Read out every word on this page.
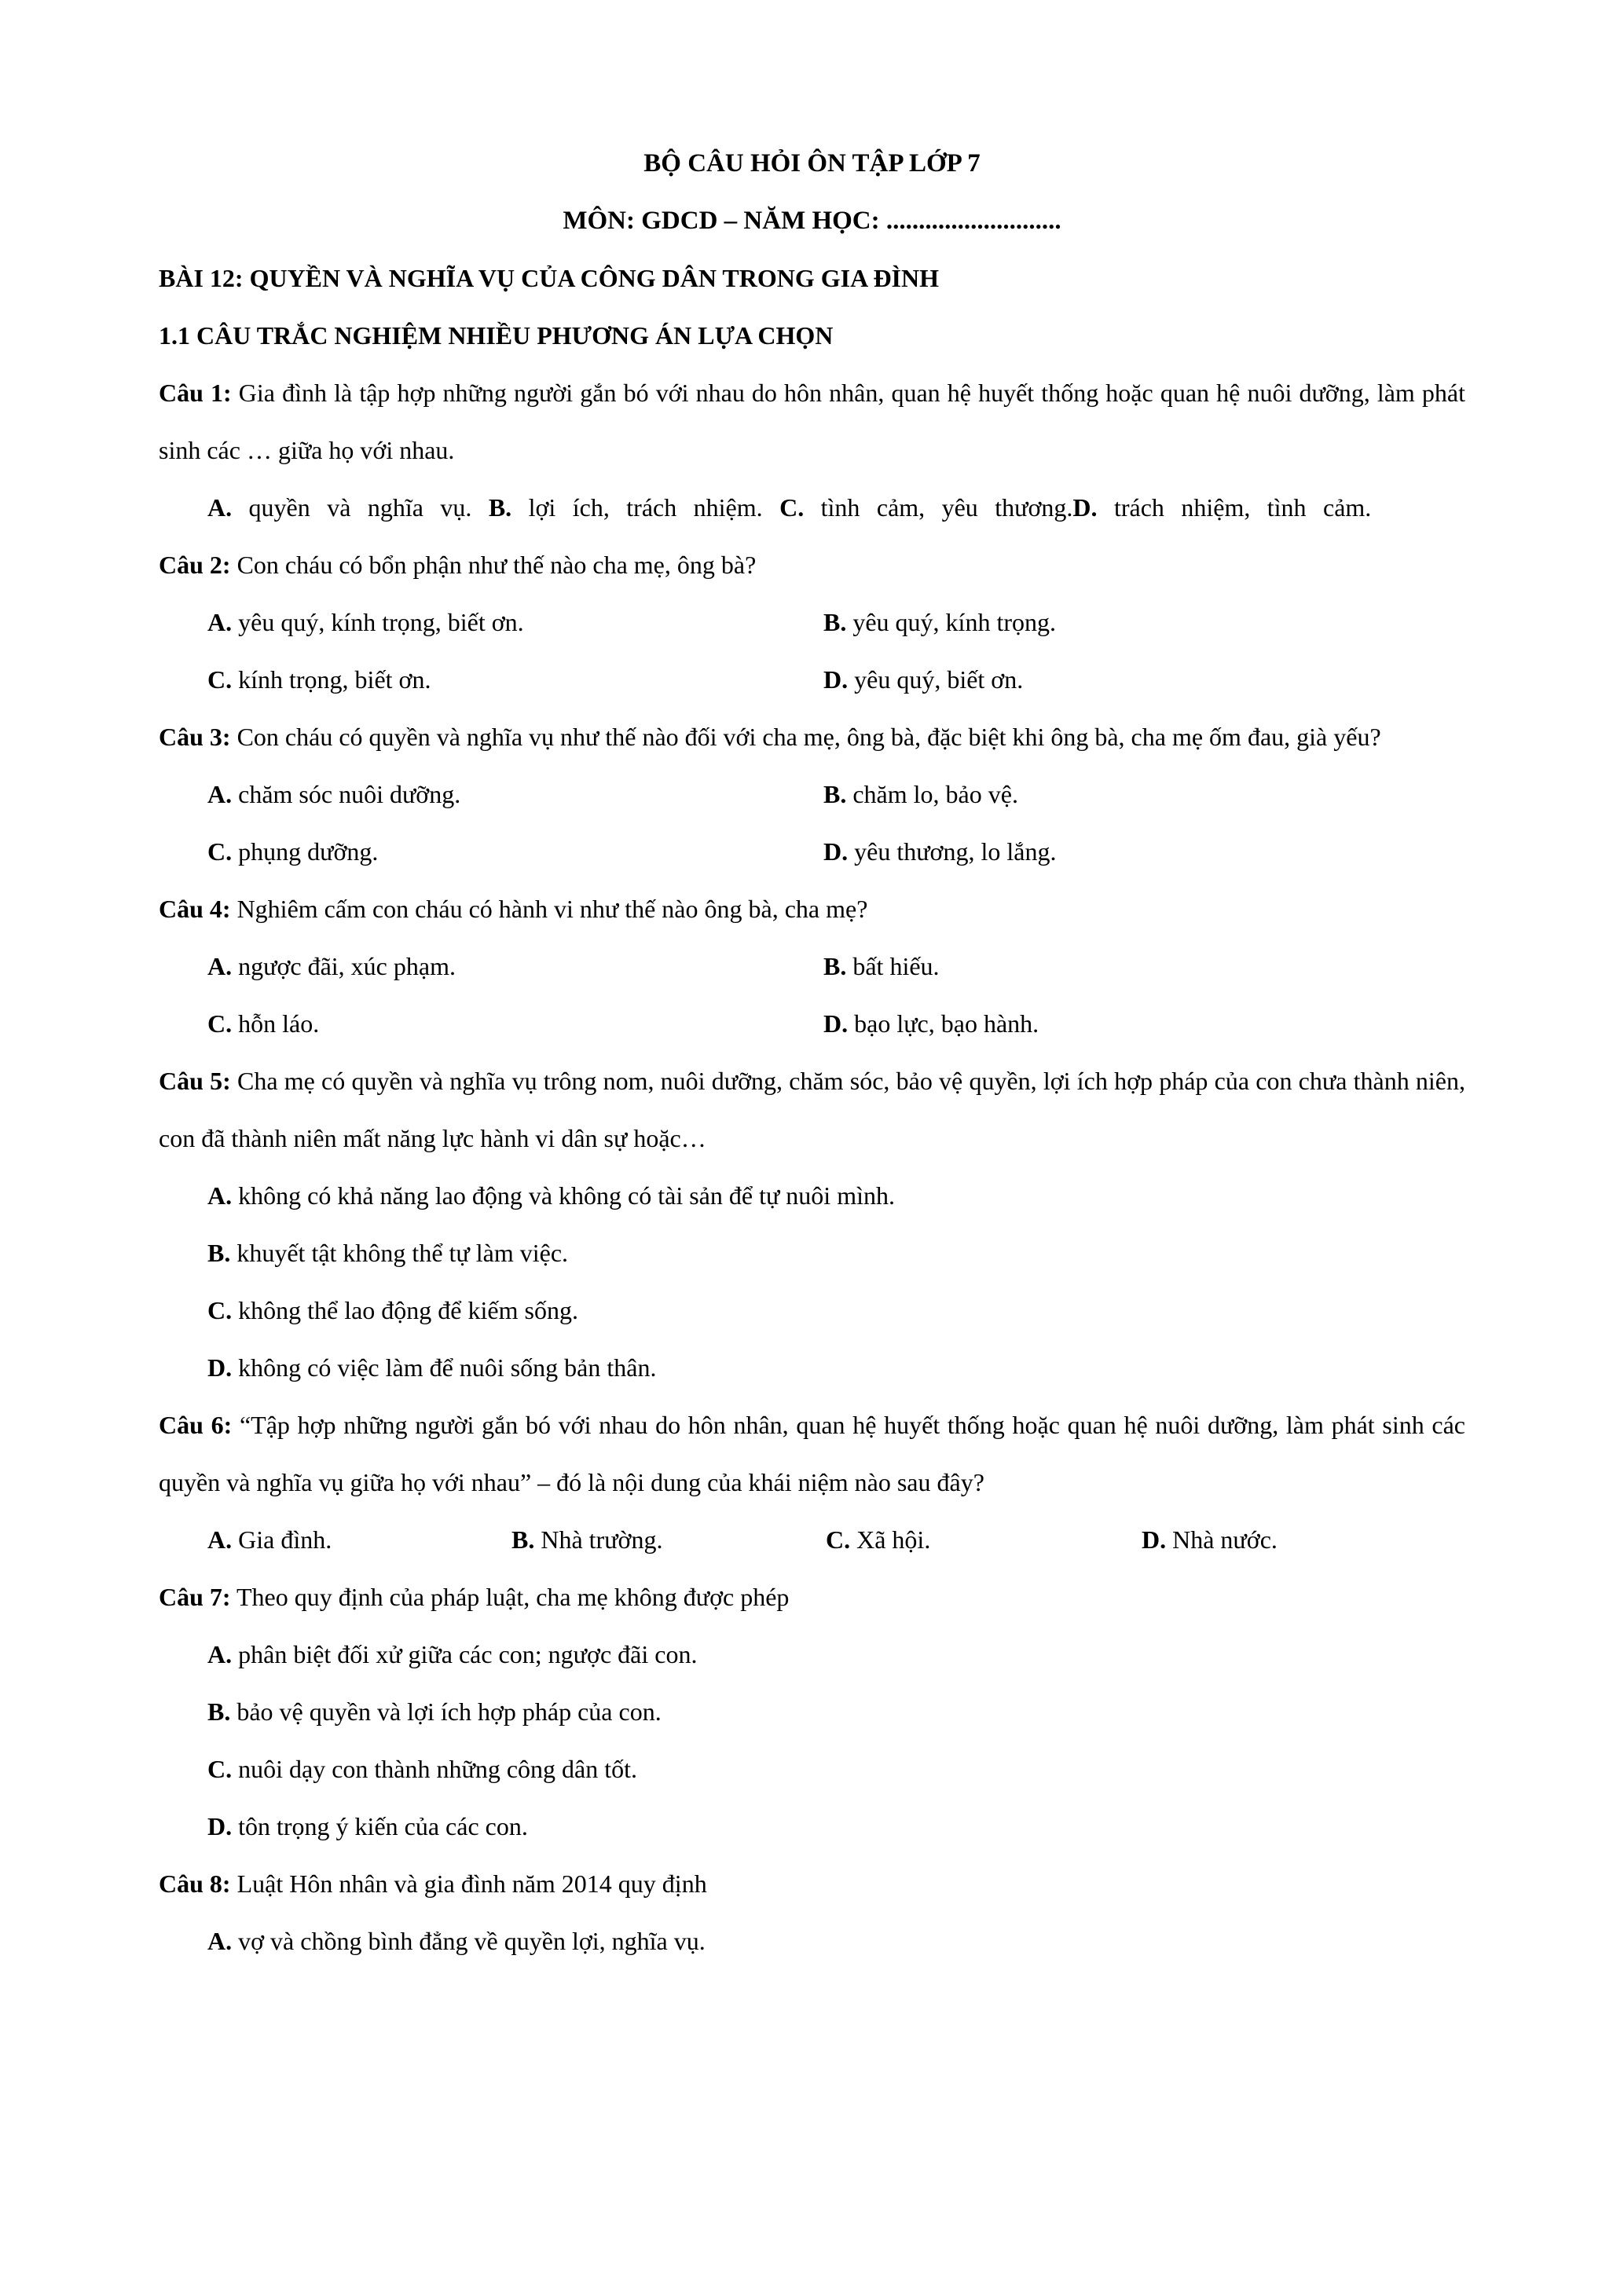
BỘ CÂU HỎI ÔN TẬP LỚP 7

MÔN: GDCD – NĂM HỌC: ...........................

BÀI 12: QUYỀN VÀ NGHĨA VỤ CỦA CÔNG DÂN TRONG GIA ĐÌNH

1.1 CÂU TRẮC NGHIỆM NHIỀU PHƯƠNG ÁN LỰA CHỌN

Câu 1: Gia đình là tập hợp những người gắn bó với nhau do hôn nhân, quan hệ huyết thống hoặc quan hệ nuôi dưỡng, làm phát sinh các … giữa họ với nhau.

A. quyền và nghĩa vụ. B. lợi ích, trách nhiệm. C. tình cảm, yêu thương.D. trách nhiệm, tình cảm.

Câu 2: Con cháu có bổn phận như thế nào cha mẹ, ông bà?

A. yêu quý, kính trọng, biết ơn.	B. yêu quý, kính trọng.

C. kính trọng, biết ơn.	D. yêu quý, biết ơn.

Câu 3: Con cháu có quyền và nghĩa vụ như thế nào đối với cha mẹ, ông bà, đặc biệt khi ông bà, cha mẹ ốm đau, già yếu?

A. chăm sóc nuôi dưỡng.	B. chăm lo, bảo vệ.

C. phụng dưỡng.	D. yêu thương, lo lắng.

Câu 4: Nghiêm cấm con cháu có hành vi như thế nào ông bà, cha mẹ?

A. ngược đãi, xúc phạm.	B. bất hiếu.

C. hỗn láo.	D. bạo lực, bạo hành.

Câu 5: Cha mẹ có quyền và nghĩa vụ trông nom, nuôi dưỡng, chăm sóc, bảo vệ quyền, lợi ích hợp pháp của con chưa thành niên, con đã thành niên mất năng lực hành vi dân sự hoặc…

A. không có khả năng lao động và không có tài sản để tự nuôi mình.

B. khuyết tật không thể tự làm việc.

C. không thể lao động để kiếm sống.

D. không có việc làm để nuôi sống bản thân.

Câu 6: “Tập hợp những người gắn bó với nhau do hôn nhân, quan hệ huyết thống hoặc quan hệ nuôi dưỡng, làm phát sinh các quyền và nghĩa vụ giữa họ với nhau” – đó là nội dung của khái niệm nào sau đây?

A. Gia đình.	B. Nhà trường.	C. Xã hội.	D. Nhà nước.

Câu 7: Theo quy định của pháp luật, cha mẹ không được phép

A. phân biệt đối xử giữa các con; ngược đãi con.

B. bảo vệ quyền và lợi ích hợp pháp của con.

C. nuôi dạy con thành những công dân tốt.

D. tôn trọng ý kiến của các con.

Câu 8: Luật Hôn nhân và gia đình năm 2014 quy định

A. vợ và chồng bình đẳng về quyền lợi, nghĩa vụ.
